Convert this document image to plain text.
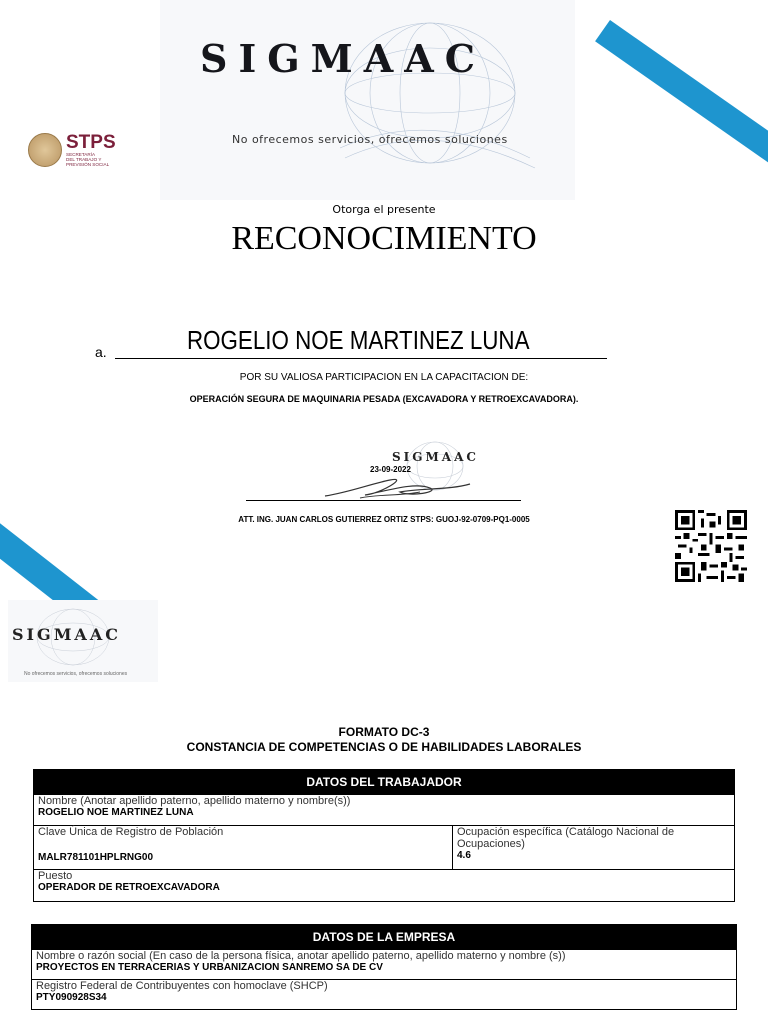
SIGMAAC
No ofrecemos servicios, ofrecemos soluciones
STPS
SECRETARÍA
DEL TRABAJO Y
PREVISIÓN SOCIAL
Otorga el presente
RECONOCIMIENTO
a.	ROGELIO NOE MARTINEZ LUNA
POR SU VALIOSA PARTICIPACION EN LA CAPACITACION DE:
OPERACIÓN SEGURA DE MAQUINARIA PESADA (EXCAVADORA Y RETROEXCAVADORA).
SIGMAAC
23-09-2022
ATT. ING. JUAN CARLOS GUTIERREZ ORTIZ STPS: GUOJ-92-0709-PQ1-0005
SIGMAAC
No ofrecemos servicios, ofrecemos soluciones
FORMATO DC-3
CONSTANCIA DE COMPETENCIAS O DE HABILIDADES LABORALES
DATOS DEL TRABAJADOR
Nombre (Anotar apellido paterno, apellido materno y nombre(s))
ROGELIO NOE MARTINEZ LUNA

Clave Única de Registro de Población
MALR781101HPLRNG00
	Ocupación específica (Catálogo Nacional de Ocupaciones)
4.6

Puesto
OPERADOR DE RETROEXCAVADORA
DATOS DE LA EMPRESA
Nombre o razón social (En caso de la persona física, anotar apellido paterno, apellido materno y nombre (s))
PROYECTOS EN TERRACERIAS Y URBANIZACION SANREMO SA DE CV

Registro Federal de Contribuyentes con homoclave (SHCP)
PTY090928S34
